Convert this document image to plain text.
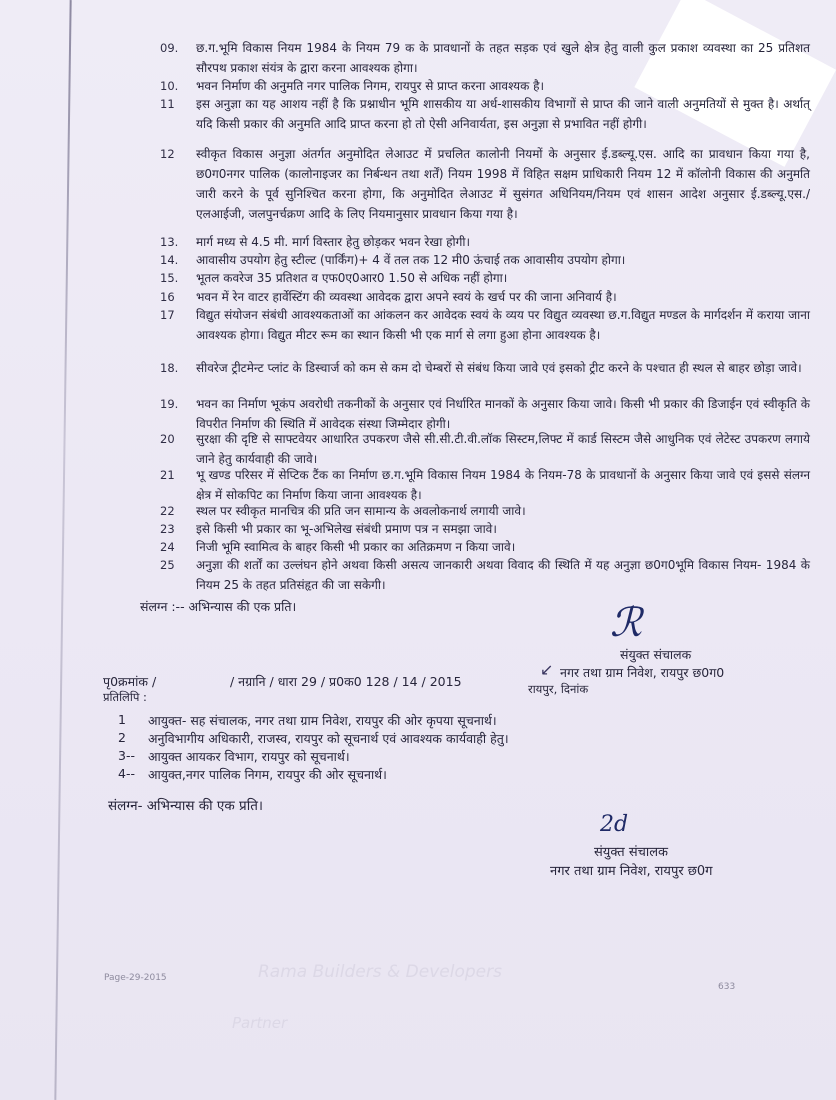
09.	छ.ग.भूमि विकास नियम 1984 के नियम 79 क के प्रावधानों के तहत सड़क एवं खुले क्षेत्र हेतु वाली कुल प्रकाश व्यवस्था का 25 प्रतिशत सौरपथ प्रकाश संयंत्र के द्वारा करना आवश्यक होगा।
10.	भवन निर्माण की अनुमति नगर पालिक निगम, रायपुर से प्राप्त करना आवश्यक है।
11	इस अनुज्ञा का यह आशय नहीं है कि प्रश्नाधीन भूमि शासकीय या अर्ध-शासकीय विभागों से प्राप्त की जाने वाली अनुमतियों से मुक्त है। अर्थात् यदि किसी प्रकार की अनुमति आदि प्राप्त करना हो तो ऐसी अनिवार्यता, इस अनुज्ञा से प्रभावित नहीं होगी।
12	स्वीकृत विकास अनुज्ञा अंतर्गत अनुमोदित लेआउट में प्रचलित कालोनी नियमों के अनुसार ई.डब्ल्यू.एस. आदि का प्रावधान किया गया है, छ0ग0नगर पालिक (कालोनाइजर का निर्बन्धन तथा शर्तें) नियम 1998 में विहित सक्षम प्राधिकारी नियम 12 में कॉलोनी विकास की अनुमति जारी करने के पूर्व सुनिश्चित करना होगा, कि अनुमोदित लेआउट में सुसंगत अधिनियम/नियम एवं शासन आदेश अनुसार ई.डब्ल्यू.एस./एलआईजी, जलपुनर्चक्रण आदि के लिए नियमानुसार प्रावधान किया गया है।
13.	मार्ग मध्य से 4.5 मी. मार्ग विस्तार हेतु छोड़कर भवन रेखा होगी।
14.	आवासीय उपयोग हेतु स्टील्ट (पार्किंग)+ 4 वें तल तक 12 मी0 ऊंचाई तक आवासीय उपयोग होगा।
15.	भूतल कवरेज 35 प्रतिशत व एफ0ए0आर0 1.50 से अधिक नहीं होगा।
16	भवन में रेन वाटर हार्वेस्टिंग की व्यवस्था आवेदक द्वारा अपने स्वयं के खर्च पर की जाना अनिवार्य है।
17	विद्युत संयोजन संबंधी आवश्यकताओं का आंकलन कर आवेदक स्वयं के व्यय पर विद्युत व्यवस्था छ.ग.विद्युत मण्डल के मार्गदर्शन में कराया जाना आवश्यक होगा। विद्युत मीटर रूम का स्थान किसी भी एक मार्ग से लगा हुआ होना आवश्यक है।
18.	सीवरेज ट्रीटमेन्ट प्लांट के डिस्चार्ज को कम से कम दो चेम्बरों से संबंध किया जावे एवं इसको ट्रीट करने के पश्चात ही स्थल से बाहर छोड़ा जावे।
19.	भवन का निर्माण भूकंप अवरोधी तकनीकों के अनुसार एवं निर्धारित मानकों के अनुसार किया जावे। किसी भी प्रकार की डिजाईन एवं स्वीकृति के विपरीत निर्माण की स्थिति में आवेदक संस्था जिम्मेदार होगी।
20	सुरक्षा की दृष्टि से साफ्टवेयर आधारित उपकरण जैसे सी.सी.टी.वी.लॉक सिस्टम,लिफ्ट में कार्ड सिस्टम जैसे आधुनिक एवं लेटेस्ट उपकरण लगाये जाने हेतु कार्यवाही की जावे।
21	भू खण्ड परिसर में सेप्टिक टैंक का निर्माण छ.ग.भूमि विकास नियम 1984 के नियम-78 के प्रावधानों के अनुसार किया जावे एवं इससे संलग्न क्षेत्र में सोकपिट का निर्माण किया जाना आवश्यक है।
22	स्थल पर स्वीकृत मानचित्र की प्रति जन सामान्य के अवलोकनार्थ लगायी जावे।
23	इसे किसी भी प्रकार का भू-अभिलेख संबंधी प्रमाण पत्र न समझा जावे।
24	निजी भूमि स्वामित्व के बाहर किसी भी प्रकार का अतिक्रमण न किया जावे।
25	अनुज्ञा की शर्तों का उल्लंघन होने अथवा किसी असत्य जानकारी अथवा विवाद की स्थिति में यह अनुज्ञा छ0ग0भूमि विकास नियम- 1984 के नियम 25 के तहत प्रतिसंहृत की जा सकेगी।
संलग्न :-- अभिन्यास की एक प्रति।	ℛ
↙
संयुक्त संचालक
नगर तथा ग्राम निवेश, रायपुर छ0ग0
रायपुर, दिनांक
पृ0क्रमांक /	/ नग्रानि / धारा 29 / प्र0क0 128 / 14 / 2015
प्रतिलिपि :
1 आयुक्त- सह संचालक, नगर तथा ग्राम निवेश, रायपुर की ओर कृपया सूचनार्थ।
2 अनुविभागीय अधिकारी, राजस्व, रायपुर को सूचनार्थ एवं आवश्यक कार्यवाही हेतु।
3-- आयुक्त आयकर विभाग, रायपुर को सूचनार्थ।
4-- आयुक्त,नगर पालिक निगम, रायपुर की ओर सूचनार्थ।
संलग्न- अभिन्यास की एक प्रति।
2d
संयुक्त संचालक
नगर तथा ग्राम निवेश, रायपुर छ0ग
Page-29-2015
633
Rama Builders & Developers
Partner
